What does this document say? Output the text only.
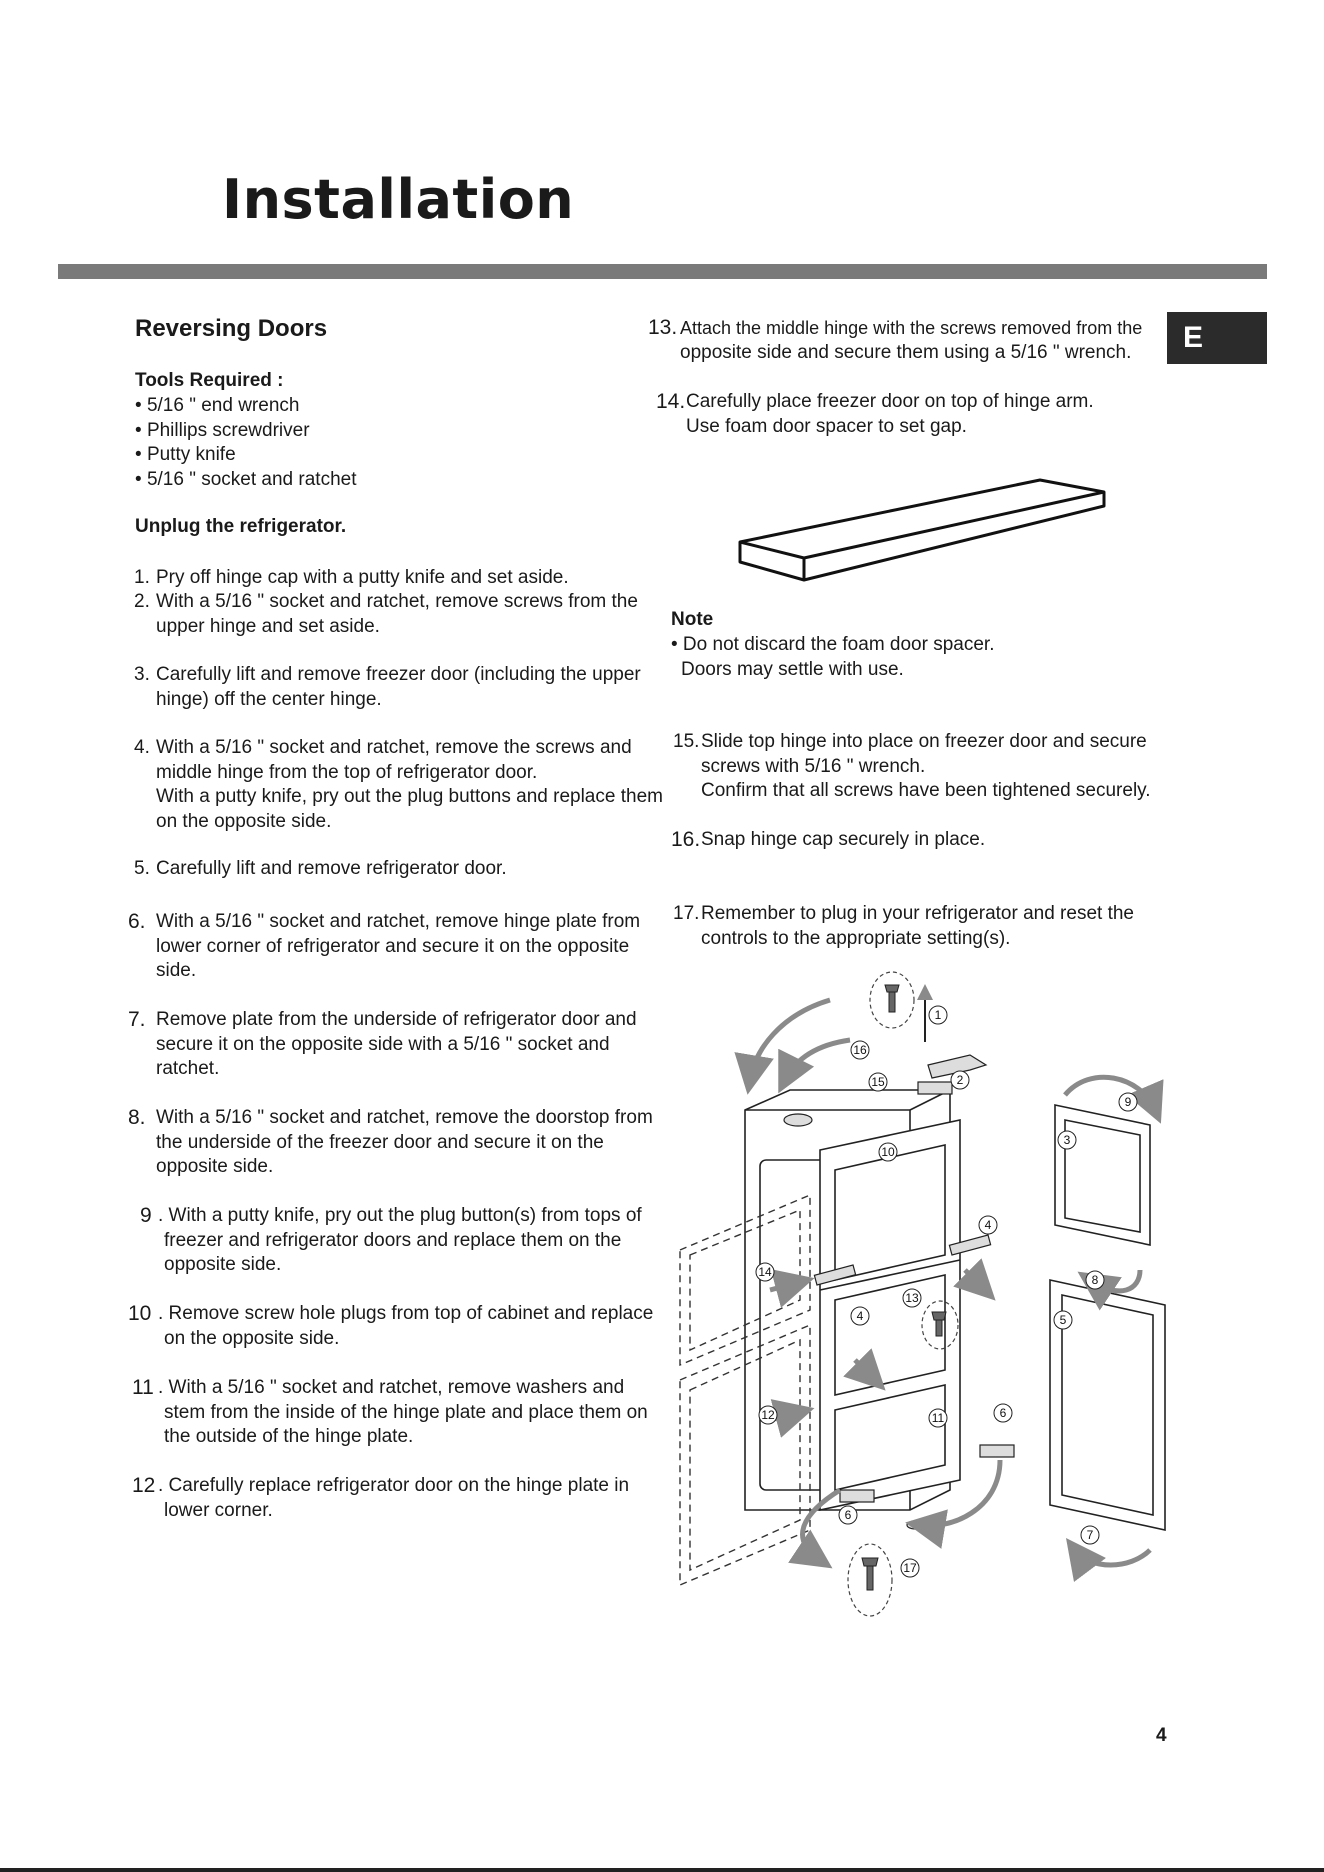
Installation
E
Reversing Doors

Tools Required :

• 5/16 " end wrench
• Phillips screwdriver
• Putty knife
• 5/16 " socket and ratchet

Unplug the refrigerator.

1. Pry off hinge cap with a putty knife and set aside.
2. With a 5/16 " socket and ratchet, remove screws from the
upper hinge and set aside.
3. Carefully lift and remove freezer door (including the upper
hinge) off the center hinge.
4. With a 5/16 " socket and ratchet, remove the screws and
middle hinge from the top of refrigerator door.
With a putty knife, pry out the plug buttons and replace them
on the opposite side.
5. Carefully lift and remove refrigerator door.
6. With a 5/16 " socket and ratchet, remove hinge plate from
lower corner of refrigerator and secure it on the opposite
side.
7. Remove plate from the underside of refrigerator door and
secure it on the opposite side with a 5/16 " socket and
ratchet.
8. With a 5/16 " socket and ratchet, remove the doorstop from
the underside of the freezer door and secure it on the
opposite side.
9 . With a putty knife, pry out the plug button(s) from tops of
freezer and refrigerator doors and replace them on the
opposite side.
10 . Remove screw hole plugs from top of cabinet and replace
on the opposite side.
11 . With a 5/16 " socket and ratchet, remove washers and
stem from the inside of the hinge plate and place them on
the outside of the hinge plate.
12 . Carefully replace refrigerator door on the hinge plate in
lower corner.
13. Attach the middle hinge with the screws removed from the
opposite side and secure them using a 5/16 " wrench.
14. Carefully place freezer door on top of hinge arm.
Use foam door spacer to set gap.
Note
• Do not discard the foam door spacer.
Doors may settle with use.
15. Slide top hinge into place on freezer door and secure
screws with 5/16 " wrench.
Confirm that all screws have been tightened securely.
16. Snap hinge cap securely in place.
17. Remember to plug in your refrigerator and reset the
controls to the appropriate setting(s).
1
2
3
4
4	5
6
6
7
8
9
10
11
12
13
14
15
16
17
4
